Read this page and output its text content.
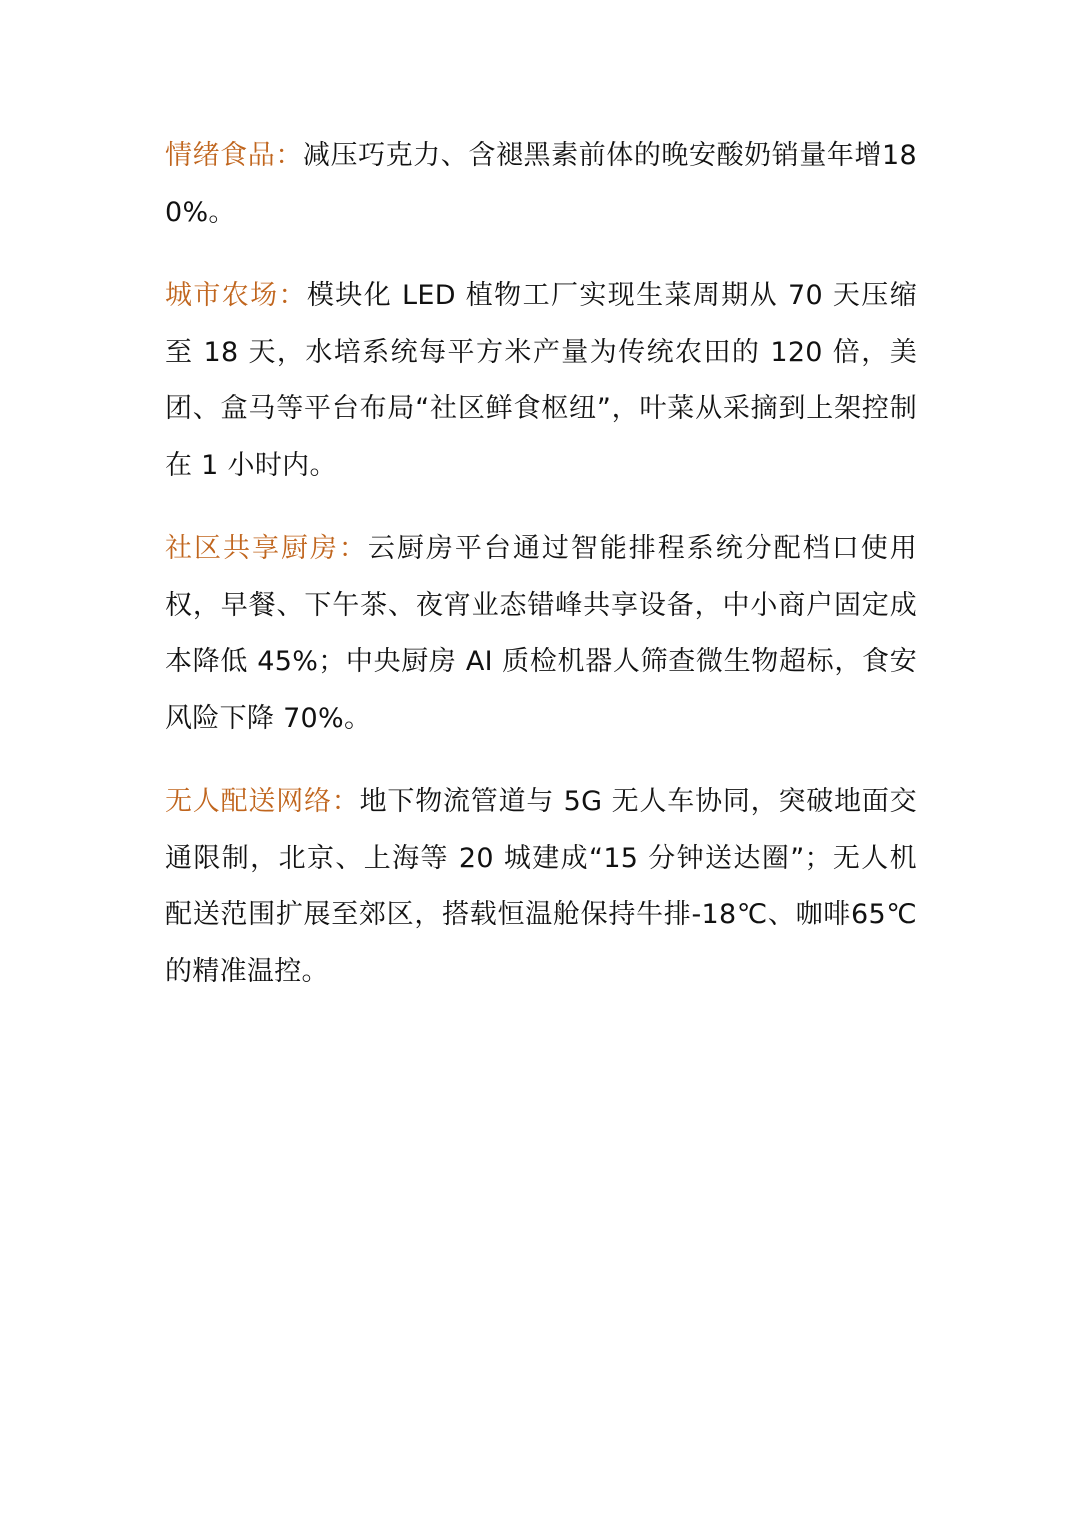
情绪食品：减压巧克力、含褪黑素前体的晚安酸奶销量年增180%。

城市农场：模块化 LED 植物工厂实现生菜周期从 70 天压缩至 18 天，水培系统每平方米产量为传统农田的 120 倍，美团、盒马等平台布局“社区鲜食枢纽”，叶菜从采摘到上架控制在 1 小时内。

社区共享厨房：云厨房平台通过智能排程系统分配档口使用权，早餐、下午茶、夜宵业态错峰共享设备，中小商户固定成本降低 45%；中央厨房 AI 质检机器人筛查微生物超标，食安风险下降 70%。

无人配送网络：地下物流管道与 5G 无人车协同，突破地面交通限制，北京、上海等 20 城建成“15 分钟送达圈”；无人机配送范围扩展至郊区，搭载恒温舱保持牛排-18℃、咖啡65℃的精准温控。
